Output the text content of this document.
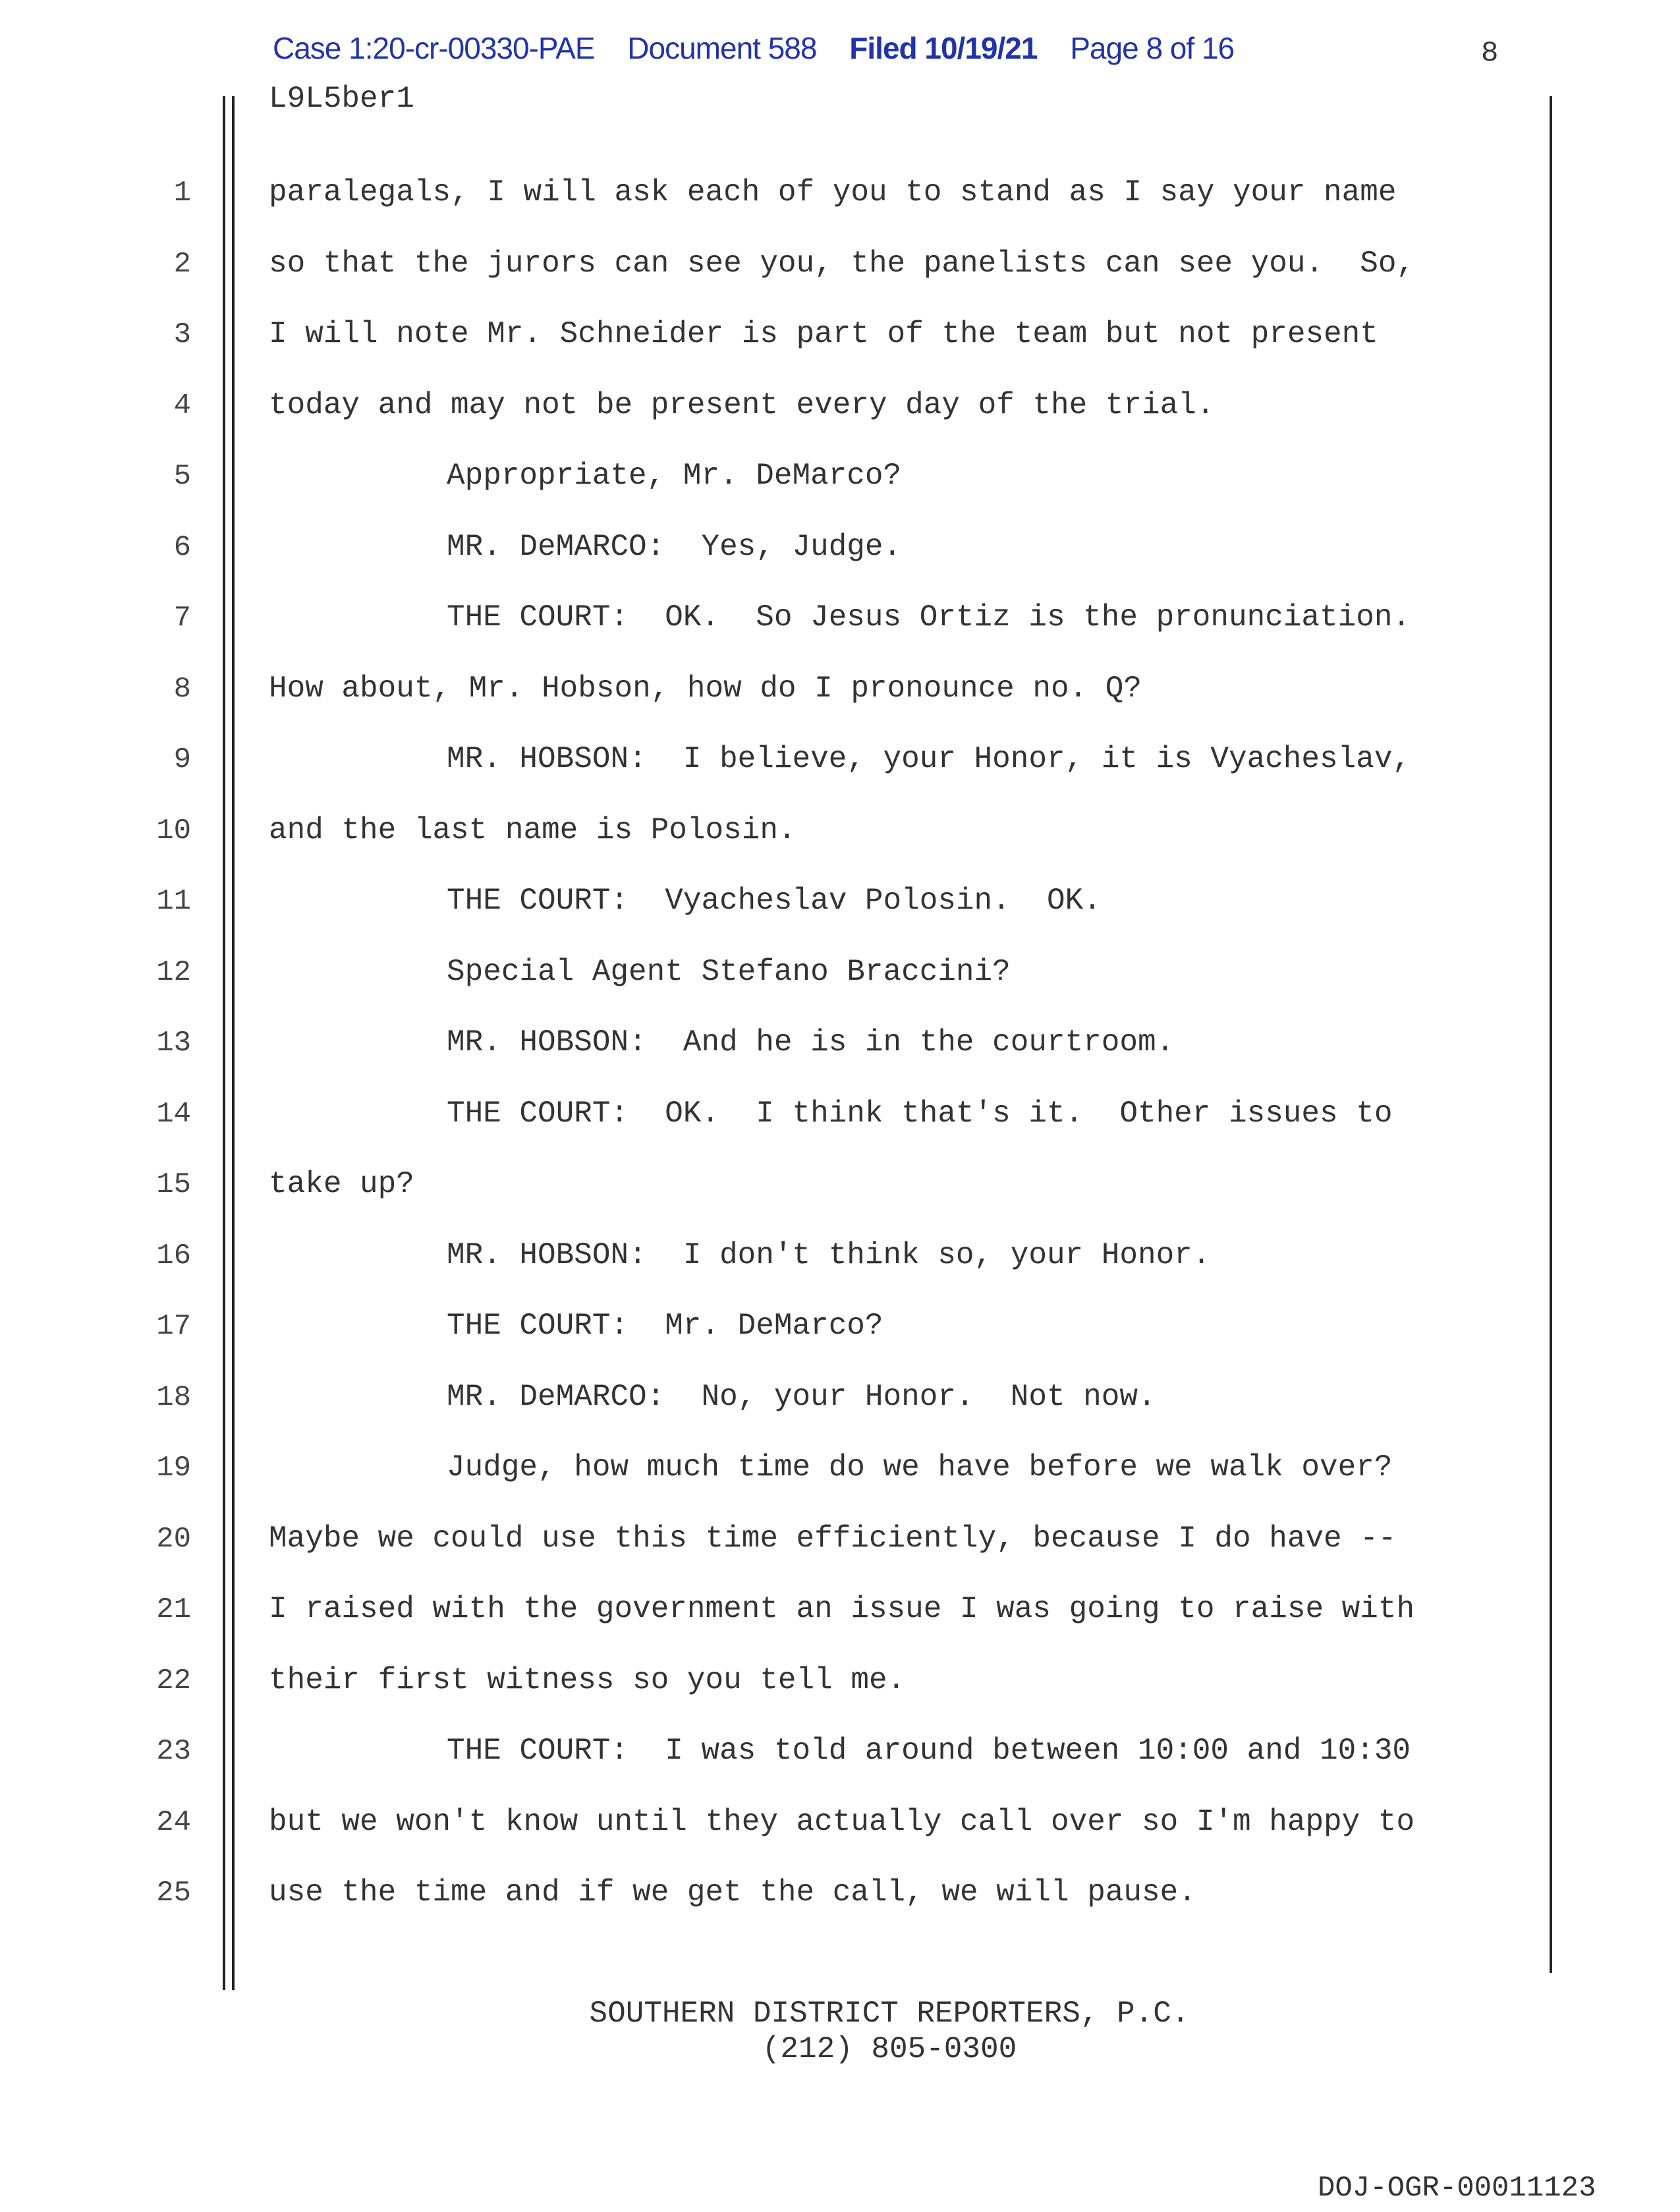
Case 1:20-cr-00330-PAE Document 588 Filed 10/19/21 Page 8 of 16	8
L9L5ber1
1	paralegals, I will ask each of you to stand as I say your name
2	so that the jurors can see you, the panelists can see you.  So,
3	I will note Mr. Schneider is part of the team but not present
4	today and may not be present every day of the trial.
5	Appropriate, Mr. DeMarco?
6	MR. DeMARCO:  Yes, Judge.
7	THE COURT:  OK.  So Jesus Ortiz is the pronunciation.
8	How about, Mr. Hobson, how do I pronounce no. Q?
9	MR. HOBSON:  I believe, your Honor, it is Vyacheslav,
10	and the last name is Polosin.
11	THE COURT:  Vyacheslav Polosin.  OK.
12	Special Agent Stefano Braccini?
13	MR. HOBSON:  And he is in the courtroom.
14	THE COURT:  OK.  I think that's it.  Other issues to
15	take up?
16	MR. HOBSON:  I don't think so, your Honor.
17	THE COURT:  Mr. DeMarco?
18	MR. DeMARCO:  No, your Honor.  Not now.
19	Judge, how much time do we have before we walk over?
20	Maybe we could use this time efficiently, because I do have --
21	I raised with the government an issue I was going to raise with
22	their first witness so you tell me.
23	THE COURT:  I was told around between 10:00 and 10:30
24	but we won't know until they actually call over so I'm happy to
25	use the time and if we get the call, we will pause.
SOUTHERN DISTRICT REPORTERS, P.C.
(212) 805-0300
DOJ-OGR-00011123
